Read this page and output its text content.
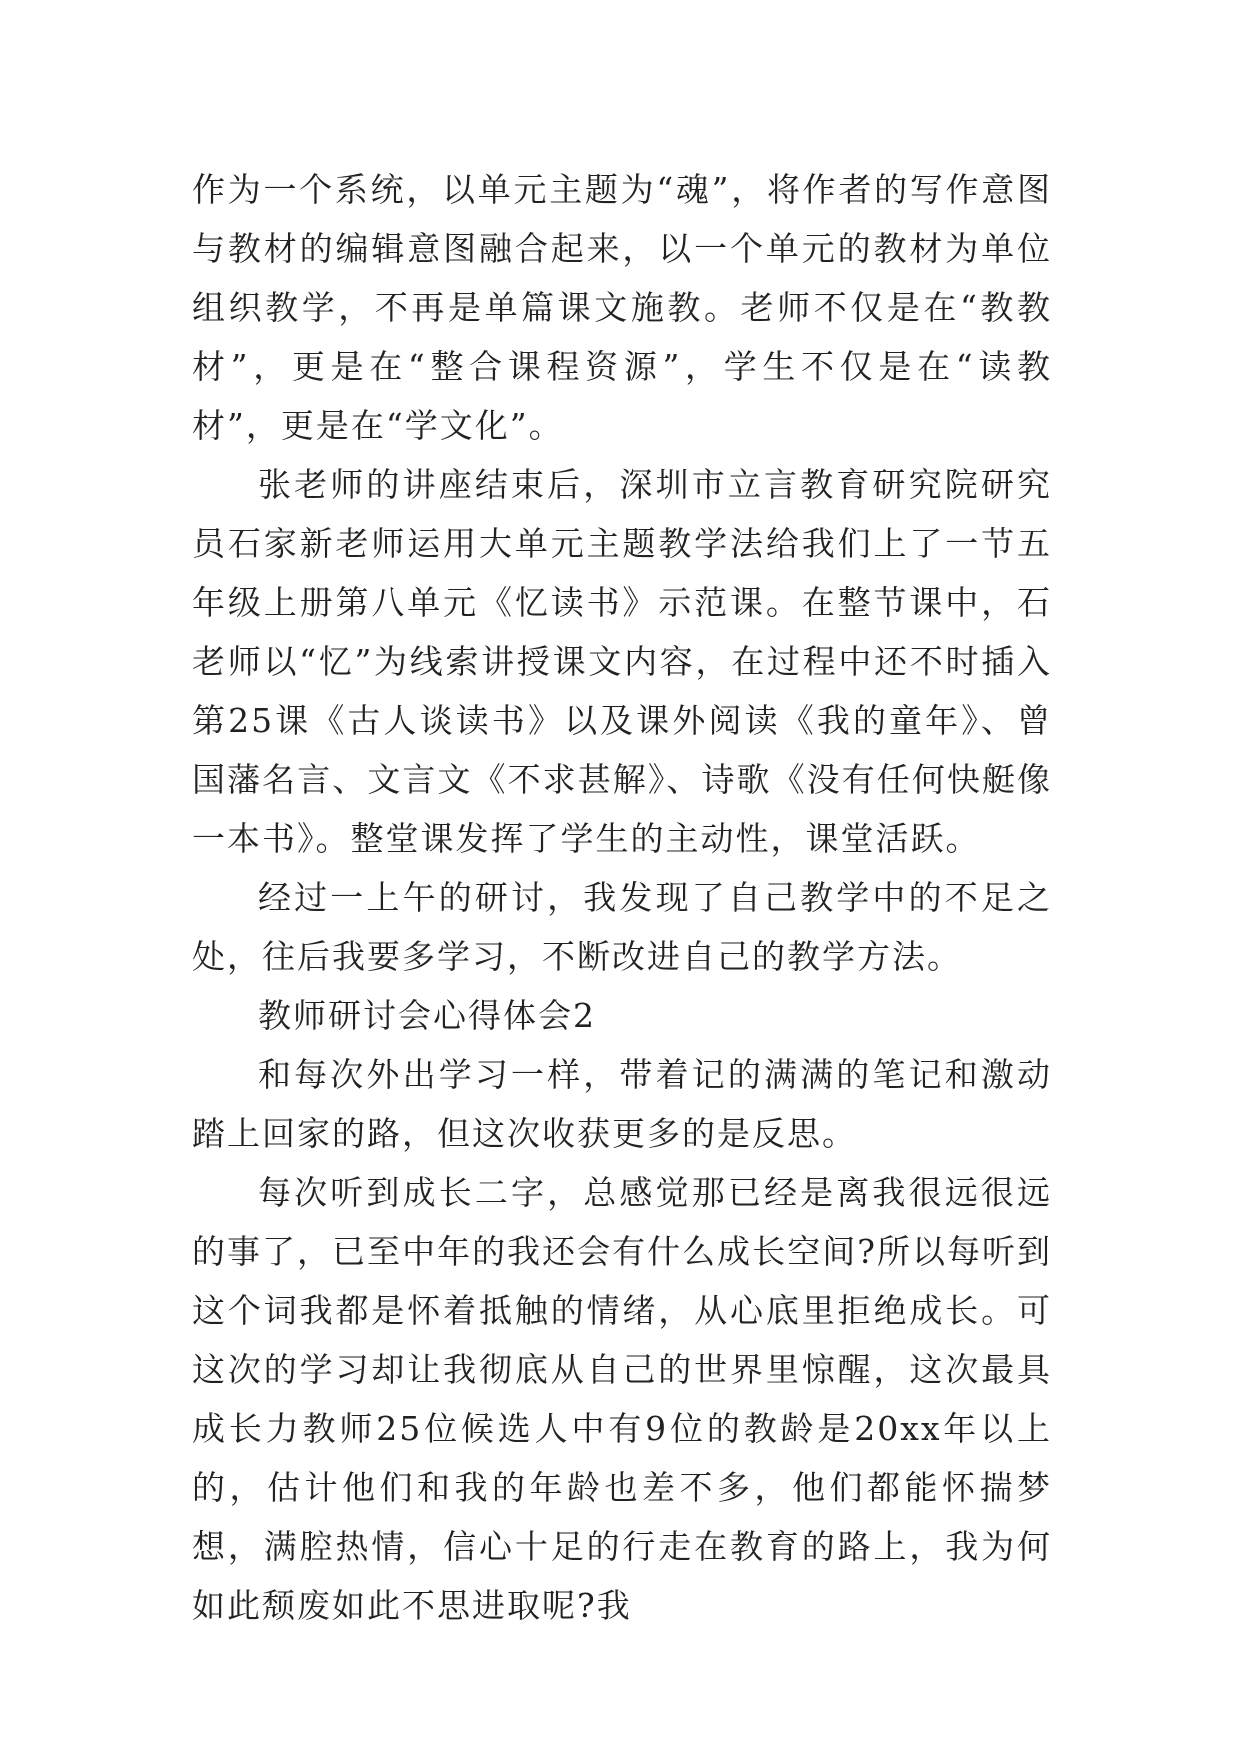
作为一个系统，以单元主题为“魂”，将作者的写作意图与教材的编辑意图融合起来，以一个单元的教材为单位组织教学，不再是单篇课文施教。老师不仅是在“教教材”，更是在“整合课程资源”，学生不仅是在“读教材”，更是在“学文化”。

张老师的讲座结束后，深圳市立言教育研究院研究员石家新老师运用大单元主题教学法给我们上了一节五年级上册第八单元《忆读书》示范课。在整节课中，石老师以“忆”为线索讲授课文内容，在过程中还不时插入第25课《古人谈读书》以及课外阅读《我的童年》、曾国藩名言、文言文《不求甚解》、诗歌《没有任何快艇像一本书》。整堂课发挥了学生的主动性，课堂活跃。

经过一上午的研讨，我发现了自己教学中的不足之处，往后我要多学习，不断改进自己的教学方法。

教师研讨会心得体会2

和每次外出学习一样，带着记的满满的笔记和激动踏上回家的路，但这次收获更多的是反思。

每次听到成长二字，总感觉那已经是离我很远很远的事了，已至中年的我还会有什么成长空间?所以每听到这个词我都是怀着抵触的情绪，从心底里拒绝成长。可这次的学习却让我彻底从自己的世界里惊醒，这次最具成长力教师25位候选人中有9位的教龄是20xx年以上的，估计他们和我的年龄也差不多，他们都能怀揣梦想，满腔热情，信心十足的行走在教育的路上，我为何如此颓废如此不思进取呢?我
